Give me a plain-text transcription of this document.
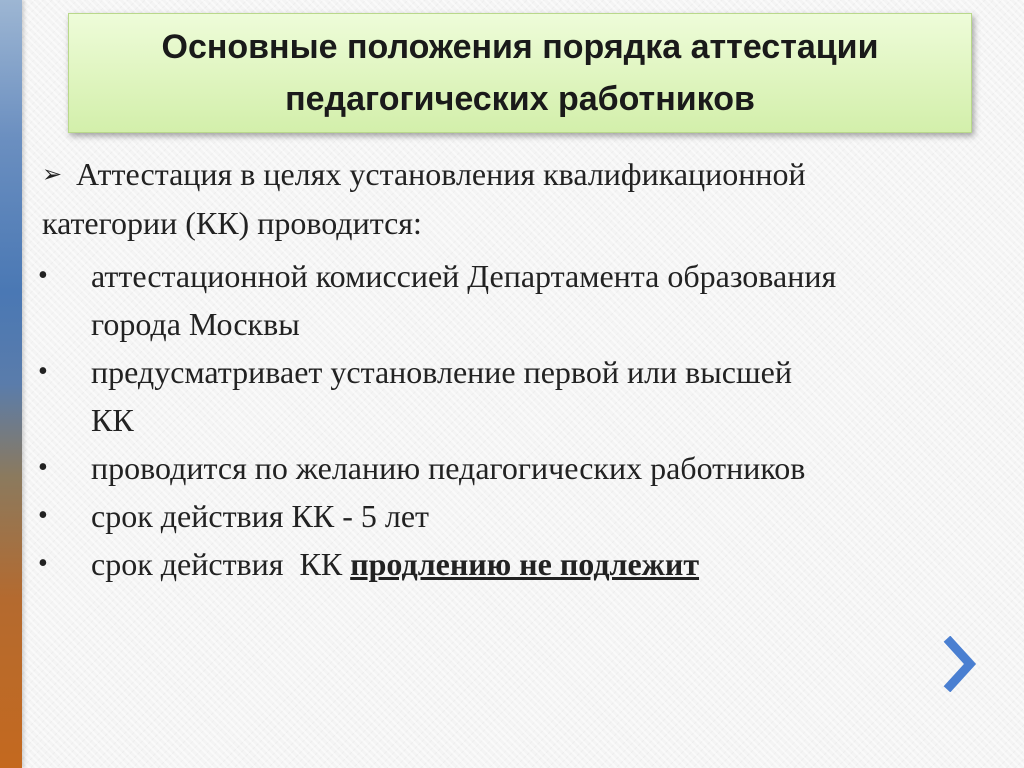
Основные положения порядка аттестации
педагогических работников
➢ Аттестация в целях установления квалификационной
категории (КК) проводится:
• аттестационной комиссией Департамента образования
города Москвы
• предусматривает установление первой или высшей
КК
• проводится по желанию педагогических работников
• срок действия КК - 5 лет
• срок действия  КК продлению не подлежит
